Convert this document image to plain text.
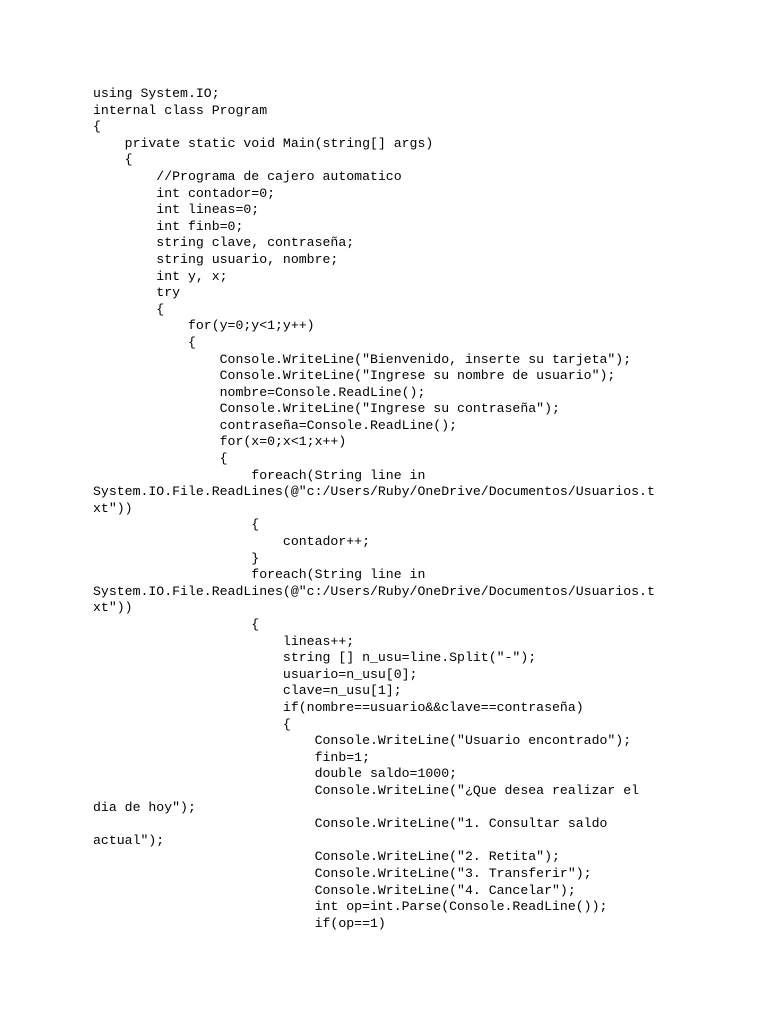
using System.IO;
internal class Program
{
private static void Main(string[] args)
{
//Programa de cajero automatico
int contador=0;
int lineas=0;
int finb=0;
string clave, contraseña;
string usuario, nombre;
int y, x;
try
{
for(y=0;y<1;y++)
{
Console.WriteLine("Bienvenido, inserte su tarjeta");
Console.WriteLine("Ingrese su nombre de usuario");
nombre=Console.ReadLine();
Console.WriteLine("Ingrese su contraseña");
contraseña=Console.ReadLine();
for(x=0;x<1;x++)
{
foreach(String line in
System.IO.File.ReadLines(@"c:/Users/Ruby/OneDrive/Documentos/Usuarios.t
xt"))
{
contador++;
}
foreach(String line in
System.IO.File.ReadLines(@"c:/Users/Ruby/OneDrive/Documentos/Usuarios.t
xt"))
{
lineas++;
string [] n_usu=line.Split("-");
usuario=n_usu[0];
clave=n_usu[1];
if(nombre==usuario&&clave==contraseña)
{
Console.WriteLine("Usuario encontrado");
finb=1;
double saldo=1000;
Console.WriteLine("¿Que desea realizar el
dia de hoy");
Console.WriteLine("1. Consultar saldo
actual");
Console.WriteLine("2. Retita");
Console.WriteLine("3. Transferir");
Console.WriteLine("4. Cancelar");
int op=int.Parse(Console.ReadLine());
if(op==1)
